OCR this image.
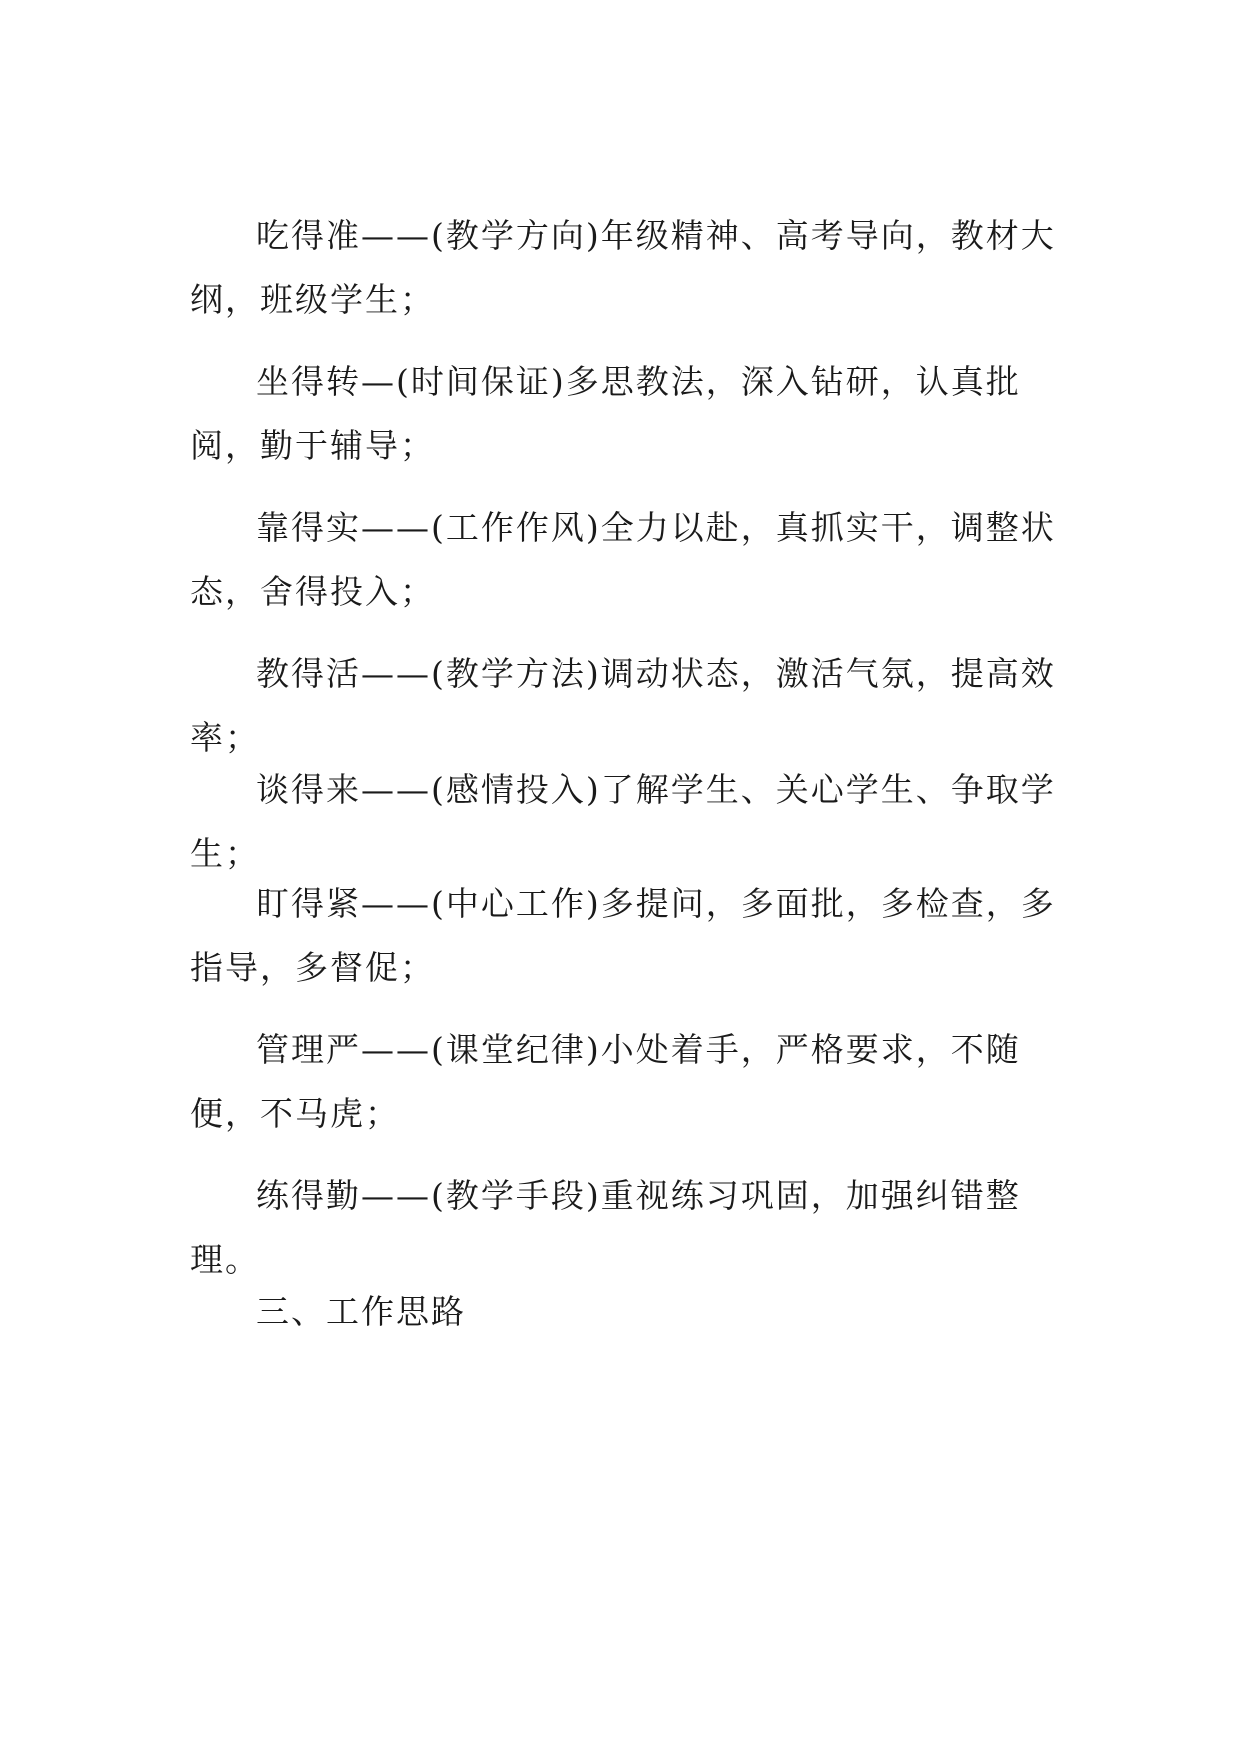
吃得准——(教学方向)年级精神、高考导向，教材大纲，班级学生；

坐得转—(时间保证)多思教法，深入钻研，认真批阅，勤于辅导；

靠得实——(工作作风)全力以赴，真抓实干，调整状态，舍得投入；

教得活——(教学方法)调动状态，激活气氛，提高效率；

谈得来——(感情投入)了解学生、关心学生、争取学生；

盯得紧——(中心工作)多提问，多面批，多检查，多指导，多督促；

管理严——(课堂纪律)小处着手，严格要求，不随便，不马虎；

练得勤——(教学手段)重视练习巩固，加强纠错整理。

三、工作思路
